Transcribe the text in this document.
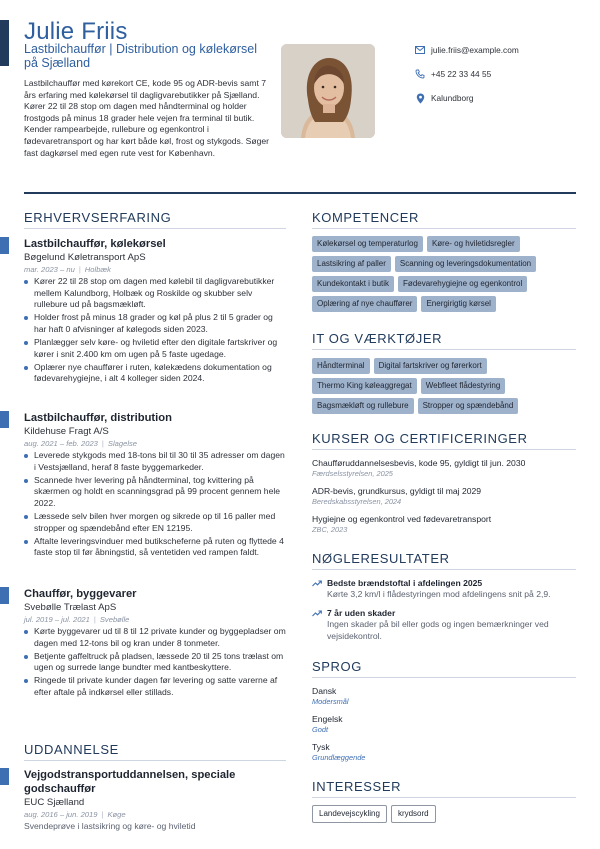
Julie Friis
Lastbilchauffør | Distribution og kølekørsel på Sjælland
Lastbilchauffør med kørekort CE, kode 95 og ADR-bevis samt 7 års erfaring med kølekørsel til dagligvarebutikker på Sjælland. Kører 22 til 28 stop om dagen med håndterminal og holder frostgods på minus 18 grader hele vejen fra terminal til butik. Kender rampearbejde, rullebure og egenkontrol i fødevaretransport og har kørt både køl, frost og stykgods. Søger fast dagkørsel med egen rute vest for København.
julie.friis@example.com
+45 22 33 44 55
Kalundborg
ERHVERVSERFARING
Lastbilchauffør, kølekørsel
Bøgelund Køletransport ApS
mar. 2023 – nu | Holbæk
Kører 22 til 28 stop om dagen med kølebil til dagligvarebutikker mellem Kalundborg, Holbæk og Roskilde og skubber selv rullebure ud på bagsmækløft.
Holder frost på minus 18 grader og køl på plus 2 til 5 grader og har haft 0 afvisninger af kølegods siden 2023.
Planlægger selv køre- og hviletid efter den digitale fartskriver og kører i snit 2.400 km om ugen på 5 faste ugedage.
Oplærer nye chauffører i ruten, kølekædens dokumentation og fødevarehygiejne, i alt 4 kolleger siden 2024.
Lastbilchauffør, distribution
Kildehuse Fragt A/S
aug. 2021 – feb. 2023 | Slagelse
Leverede stykgods med 18-tons bil til 30 til 35 adresser om dagen i Vestsjælland, heraf 8 faste byggemarkeder.
Scannede hver levering på håndterminal, tog kvittering på skærmen og holdt en scanningsgrad på 99 procent gennem hele 2022.
Læssede selv bilen hver morgen og sikrede op til 16 paller med stropper og spændebånd efter EN 12195.
Aftalte leveringsvinduer med butikscheferne på ruten og flyttede 4 faste stop til før åbningstid, så ventetiden ved rampen faldt.
Chauffør, byggevarer
Svebølle Trælast ApS
jul. 2019 – jul. 2021 | Svebølle
Kørte byggevarer ud til 8 til 12 private kunder og byggepladser om dagen med 12-tons bil og kran under 8 tonmeter.
Betjente gaffeltruck på pladsen, læssede 20 til 25 tons trælast om ugen og surrede lange bundter med kantbeskyttere.
Ringede til private kunder dagen før levering og satte varerne af efter aftale på indkørsel eller stillads.
UDDANNELSE
Vejgodstransportuddannelsen, speciale godschauffør
EUC Sjælland
aug. 2016 – jun. 2019 | Køge
Svendeprøve i lastsikring og køre- og hviletid
KOMPETENCER
Kølekørsel og temperaturlog	Køre- og hviletidsregler
Lastsikring af paller	Scanning og leveringsdokumentation
Kundekontakt i butik	Fødevarehygiejne og egenkontrol
Oplæring af nye chauffører	Energirigtig kørsel
IT OG VÆRKTØJER
Håndterminal	Digital fartskriver og førerkort
Thermo King køleaggregat	Webfleet flådestyring
Bagsmækløft og rullebure	Stropper og spændebånd
KURSER OG CERTIFICERINGER
Chaufføruddannelsesbevis, kode 95, gyldigt til jun. 2030
Færdselsstyrelsen, 2025
ADR-bevis, grundkursus, gyldigt til maj 2029
Beredskabsstyrelsen, 2024
Hygiejne og egenkontrol ved fødevaretransport
ZBC, 2023
NØGLERESULTATER
Bedste brændstoftal i afdelingen 2025
Kørte 3,2 km/l i flådestyringen mod afdelingens snit på 2,9.
7 år uden skader
Ingen skader på bil eller gods og ingen bemærkninger ved vejsidekontrol.
SPROG
Dansk
Modersmål
Engelsk
Godt
Tysk
Grundlæggende
INTERESSER
Landevejscykling	krydsord
